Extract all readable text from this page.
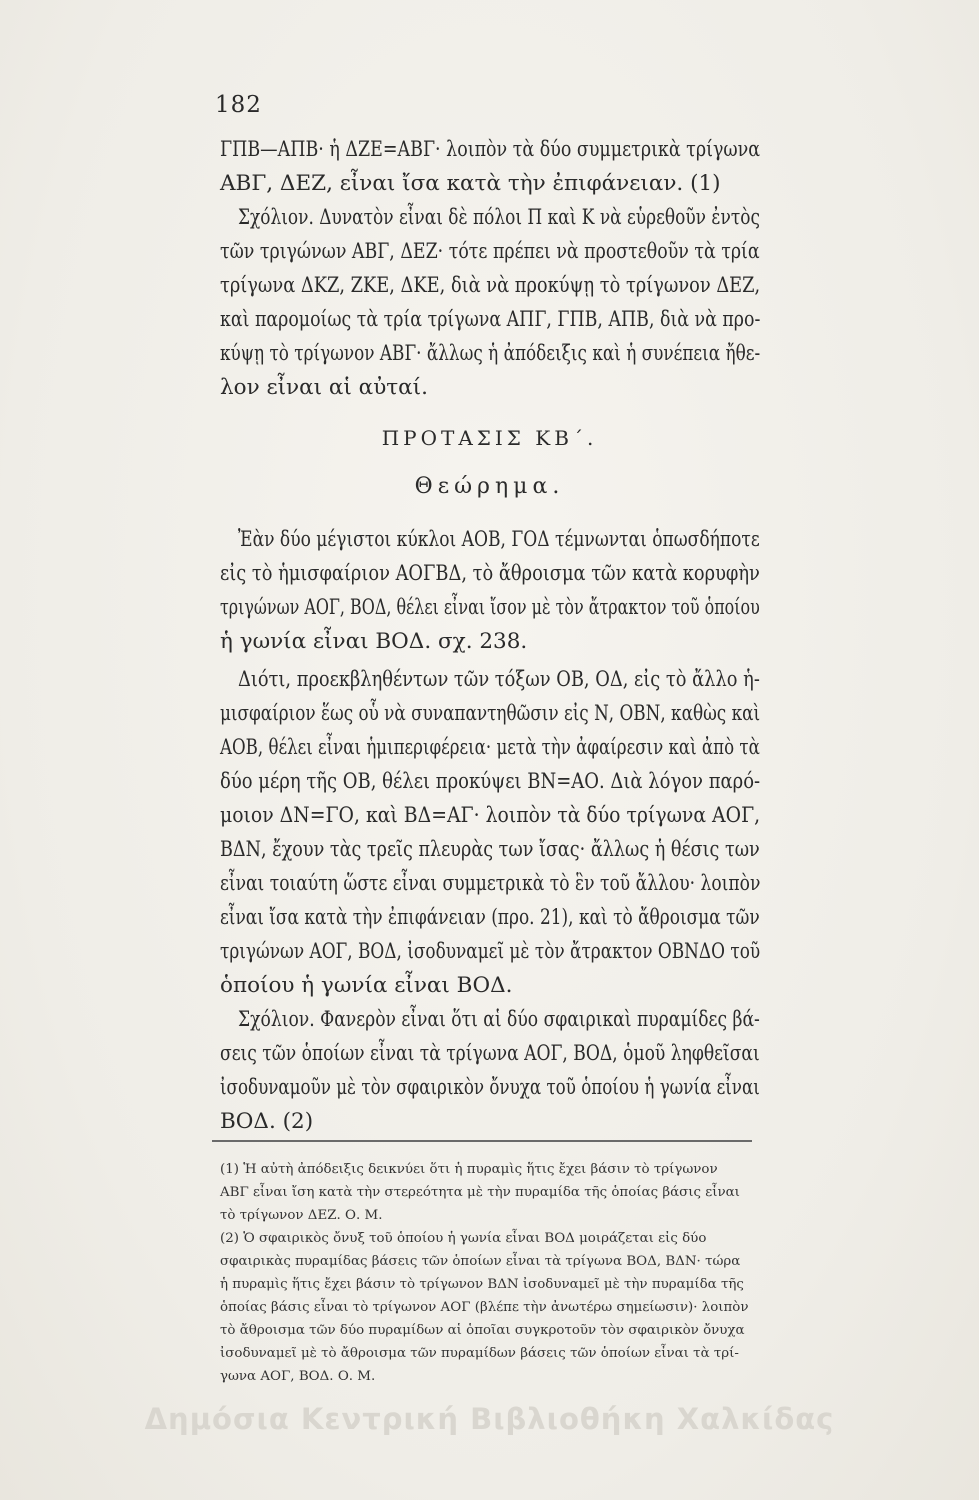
182
ΓΠΒ—ΑΠΒ· ἡ ΔΖΕ=ΑΒΓ· λοιπὸν τὰ δύο συμμετρικὰ τρίγωνα
ΑΒΓ, ΔΕΖ, εἶναι ἴσα κατὰ τὴν ἐπιφάνειαν. (1)
Σχόλιον. Δυνατὸν εἶναι δὲ πόλοι Π καὶ Κ νὰ εὑρεθοῦν ἐντὸς
τῶν τριγώνων ΑΒΓ, ΔΕΖ· τότε πρέπει νὰ προστεθοῦν τὰ τρία
τρίγωνα ΔΚΖ, ΖΚΕ, ΔΚΕ, διὰ νὰ προκύψῃ τὸ τρίγωνον ΔΕΖ,
καὶ παρομοίως τὰ τρία τρίγωνα ΑΠΓ, ΓΠΒ, ΑΠΒ, διὰ νὰ προ-
κύψῃ τὸ τρίγωνον ΑΒΓ· ἄλλως ἡ ἀπόδειξις καὶ ἡ συνέπεια ἤθε-
λον εἶναι αἱ αὐταί.
ΠΡΟΤΑΣΙΣ ΚΒ΄.
Θεώρημα.
Ἐὰν δύο μέγιστοι κύκλοι ΑΟΒ, ΓΟΔ τέμνωνται ὁπωσδήποτε
εἰς τὸ ἡμισφαίριον ΑΟΓΒΔ, τὸ ἄθροισμα τῶν κατὰ κορυφὴν
τριγώνων ΑΟΓ, ΒΟΔ, θέλει εἶναι ἴσον μὲ τὸν ἄτρακτον τοῦ ὁποίου
ἡ γωνία εἶναι ΒΟΔ. σχ. 238.
Διότι, προεκβληθέντων τῶν τόξων ΟΒ, ΟΔ, εἰς τὸ ἄλλο ἡ-
μισφαίριον ἕως οὗ νὰ συναπαντηθῶσιν εἰς Ν, ΟΒΝ, καθὼς καὶ
ΑΟΒ, θέλει εἶναι ἡμιπεριφέρεια· μετὰ τὴν ἀφαίρεσιν καὶ ἀπὸ τὰ
δύο μέρη τῆς ΟΒ, θέλει προκύψει ΒΝ=ΑΟ. Διὰ λόγον παρό-
μοιον ΔΝ=ΓΟ, καὶ ΒΔ=ΑΓ· λοιπὸν τὰ δύο τρίγωνα ΑΟΓ,
ΒΔΝ, ἔχουν τὰς τρεῖς πλευρὰς των ἴσας· ἄλλως ἡ θέσις των
εἶναι τοιαύτη ὥστε εἶναι συμμετρικὰ τὸ ἓν τοῦ ἄλλου· λοιπὸν
εἶναι ἴσα κατὰ τὴν ἐπιφάνειαν (προ. 21), καὶ τὸ ἄθροισμα τῶν
τριγώνων ΑΟΓ, ΒΟΔ, ἰσοδυναμεῖ μὲ τὸν ἄτρακτον ΟΒΝΔΟ τοῦ
ὁποίου ἡ γωνία εἶναι ΒΟΔ.
Σχόλιον. Φανερὸν εἶναι ὅτι αἱ δύο σφαιρικαὶ πυραμίδες βά-
σεις τῶν ὁποίων εἶναι τὰ τρίγωνα ΑΟΓ, ΒΟΔ, ὁμοῦ ληφθεῖσαι
ἰσοδυναμοῦν μὲ τὸν σφαιρικὸν ὄνυχα τοῦ ὁποίου ἡ γωνία εἶναι
ΒΟΔ. (2)
(1) Ἡ αὐτὴ ἀπόδειξις δεικνύει ὅτι ἡ πυραμὶς ἥτις ἔχει βάσιν τὸ τρίγωνον
ΑΒΓ εἶναι ἴση κατὰ τὴν στερεότητα μὲ τὴν πυραμίδα τῆς ὁποίας βάσις εἶναι
τὸ τρίγωνον ΔΕΖ. Ο. Μ.
(2) Ὁ σφαιρικὸς ὄνυξ τοῦ ὁποίου ἡ γωνία εἶναι ΒΟΔ μοιράζεται εἰς δύο
σφαιρικὰς πυραμίδας βάσεις τῶν ὁποίων εἶναι τὰ τρίγωνα ΒΟΔ, ΒΔΝ· τώρα
ἡ πυραμὶς ἥτις ἔχει βάσιν τὸ τρίγωνον ΒΔΝ ἰσοδυναμεῖ μὲ τὴν πυραμίδα τῆς
ὁποίας βάσις εἶναι τὸ τρίγωνον ΑΟΓ (βλέπε τὴν ἀνωτέρω σημείωσιν)· λοιπὸν
τὸ ἄθροισμα τῶν δύο πυραμίδων αἱ ὁποῖαι συγκροτοῦν τὸν σφαιρικὸν ὄνυχα
ἰσοδυναμεῖ μὲ τὸ ἄθροισμα τῶν πυραμίδων βάσεις τῶν ὁποίων εἶναι τὰ τρί-
γωνα ΑΟΓ, ΒΟΔ. Ο. Μ.
Δημόσια Κεντρική Βιβλιοθήκη Χαλκίδας
